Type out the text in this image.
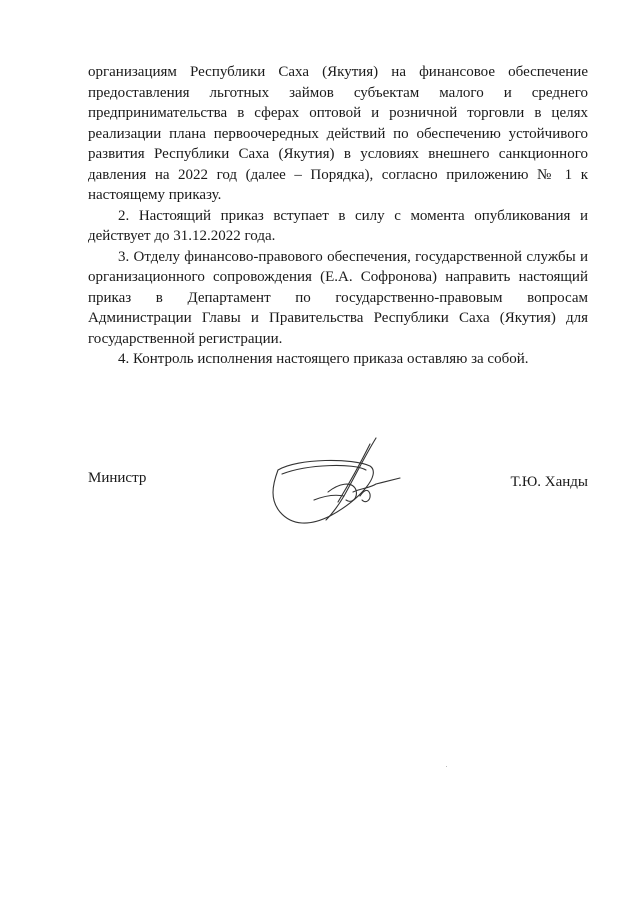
организациям Республики Саха (Якутия) на финансовое обеспечение предоставления льготных займов субъектам малого и среднего предпринимательства в сферах оптовой и розничной торговли в целях реализации плана первоочередных действий по обеспечению устойчивого развития Республики Саха (Якутия) в условиях внешнего санкционного давления на 2022 год (далее – Порядка), согласно приложению № 1 к настоящему приказу.

2. Настоящий приказ вступает в силу с момента опубликования и действует до 31.12.2022 года.

3. Отделу финансово-правового обеспечения, государственной службы и организационного сопровождения (Е.А. Софронова) направить настоящий приказ в Департамент по государственно-правовым вопросам Администрации Главы и Правительства Республики Саха (Якутия) для государственной регистрации.

4. Контроль исполнения настоящего приказа оставляю за собой.

Министр	Т.Ю. Ханды
